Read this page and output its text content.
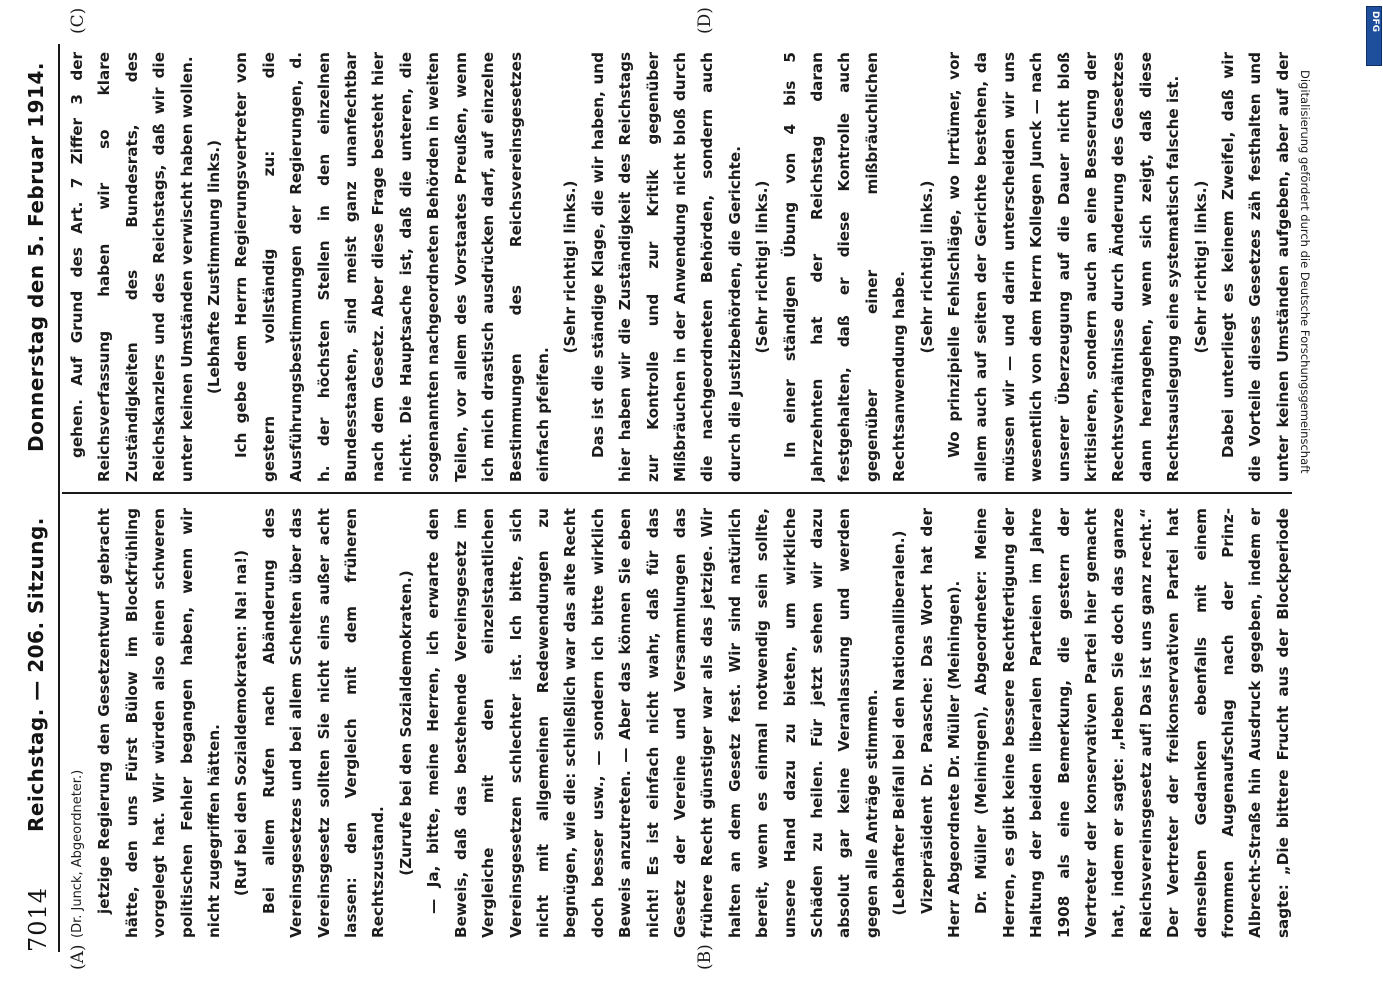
7014
Reichstag. — 206. Sitzung.
Donnerstag den 5. Februar 1914.
(A)	(B)
(C)	(D)

(Dr. Junck, Abgeordneter.) jetzige Regierung den Gesetzentwurf gebracht hätte, den uns Fürst Bülow im Blockfrühling vorgelegt hat. Wir würden also einen schweren politischen Fehler begangen haben, wenn wir nicht zugegriffen hätten. (Ruf bei den Sozialdemokraten: Na! na!) Bei allem Rufen nach Abänderung des Vereinsgesetzes und bei allem Schelten über das Vereinsgesetz sollten Sie nicht eins außer acht lassen: den Vergleich mit dem früheren Rechtszustand. (Zurufe bei den Sozialdemokraten.) — Ja, bitte, meine Herren, ich erwarte den Beweis, daß das bestehende Vereinsgesetz im Vergleiche mit den einzelstaatlichen Vereinsgesetzen schlechter ist. Ich bitte, sich nicht mit allgemeinen Redewendungen zu begnügen, wie die: schließlich war das alte Recht doch besser usw., — sondern ich bitte wirklich Beweis anzutreten. — Aber das können Sie eben nicht! Es ist einfach nicht wahr, daß für das Gesetz der Vereine und Versammlungen das frühere Recht günstiger war als das jetzige. Wir halten an dem Gesetz fest. Wir sind natürlich bereit, wenn es einmal notwendig sein sollte, unsere Hand dazu zu bieten, um wirkliche Schäden zu heilen. Für jetzt sehen wir dazu absolut gar keine Veranlassung und werden gegen alle Anträge stimmen. (Lebhafter Beifall bei den Nationalliberalen.) Vizepräsident Dr. Paasche: Das Wort hat der Herr Abgeordnete Dr. Müller (Meiningen). Dr. Müller (Meiningen), Abgeordneter: Meine Herren, es gibt keine bessere Rechtfertigung der Haltung der beiden liberalen Parteien im Jahre 1908 als eine Bemerkung, die gestern der Vertreter der konservativen Partei hier gemacht hat, indem er sagte: „Heben Sie doch das ganze Reichsvereinsgesetz auf! Das ist uns ganz recht.“ Der Vertreter der freikonservativen Partei hat denselben Gedanken ebenfalls mit einem frommen Augenaufschlag nach der Prinz-Albrecht-Straße hin Ausdruck gegeben, indem er sagte: „Die bittere Frucht aus der Blockperiode

gehen. Auf Grund des Art. 7 Ziffer 3 der Reichsverfassung haben wir so klare Zuständigkeiten des Bundesrats, des Reichskanzlers und des Reichstags, daß wir die unter keinen Umständen verwischt haben wollen. (Lebhafte Zustimmung links.) Ich gebe dem Herrn Regierungsvertreter von gestern vollständig zu: die Ausführungsbestimmungen der Regierungen, d. h. der höchsten Stellen in den einzelnen Bundesstaaten, sind meist ganz unanfechtbar nach dem Gesetz. Aber diese Frage besteht hier nicht. Die Hauptsache ist, daß die unteren, die sogenannten nachgeordneten Behörden in weiten Teilen, vor allem des Vorstaates Preußen, wenn ich mich drastisch ausdrücken darf, auf einzelne Bestimmungen des Reichsvereinsgesetzes einfach pfeifen.

(Sehr richtig! links.) Das ist die ständige Klage, die wir haben, und hier haben wir die Zuständigkeit des Reichstags zur Kontrolle und zur Kritik gegenüber Mißbräuchen in der Anwendung nicht bloß durch die nachgeordneten Behörden, sondern auch durch die Justizbehörden, die Gerichte. (Sehr richtig! links.) In einer ständigen Übung von 4 bis 5 Jahrzehnten hat der Reichstag daran festgehalten, daß er diese Kontrolle auch gegenüber einer mißbräuchlichen Rechtsanwendung habe.

(Sehr richtig! links.) Wo prinzipielle Fehlschläge, wo Irrtümer, vor allem auch auf seiten der Gerichte bestehen, da müssen wir — und darin unterscheiden wir uns wesentlich von dem Herrn Kollegen Junck — nach unserer Überzeugung auf die Dauer nicht bloß kritisieren, sondern auch an eine Besserung der Rechtsverhältnisse durch Änderung des Gesetzes dann herangehen, wenn sich zeigt, daß diese Rechtsauslegung eine systematisch falsche ist. (Sehr richtig! links.)

Dabei unterliegt es keinem Zweifel, daß wir die Vorteile dieses Gesetzes zäh festhalten und unter keinen Umständen aufgeben, aber auf der

Digitalisierung gefördert durch die Deutsche Forschungsgemeinschaft
DFG
